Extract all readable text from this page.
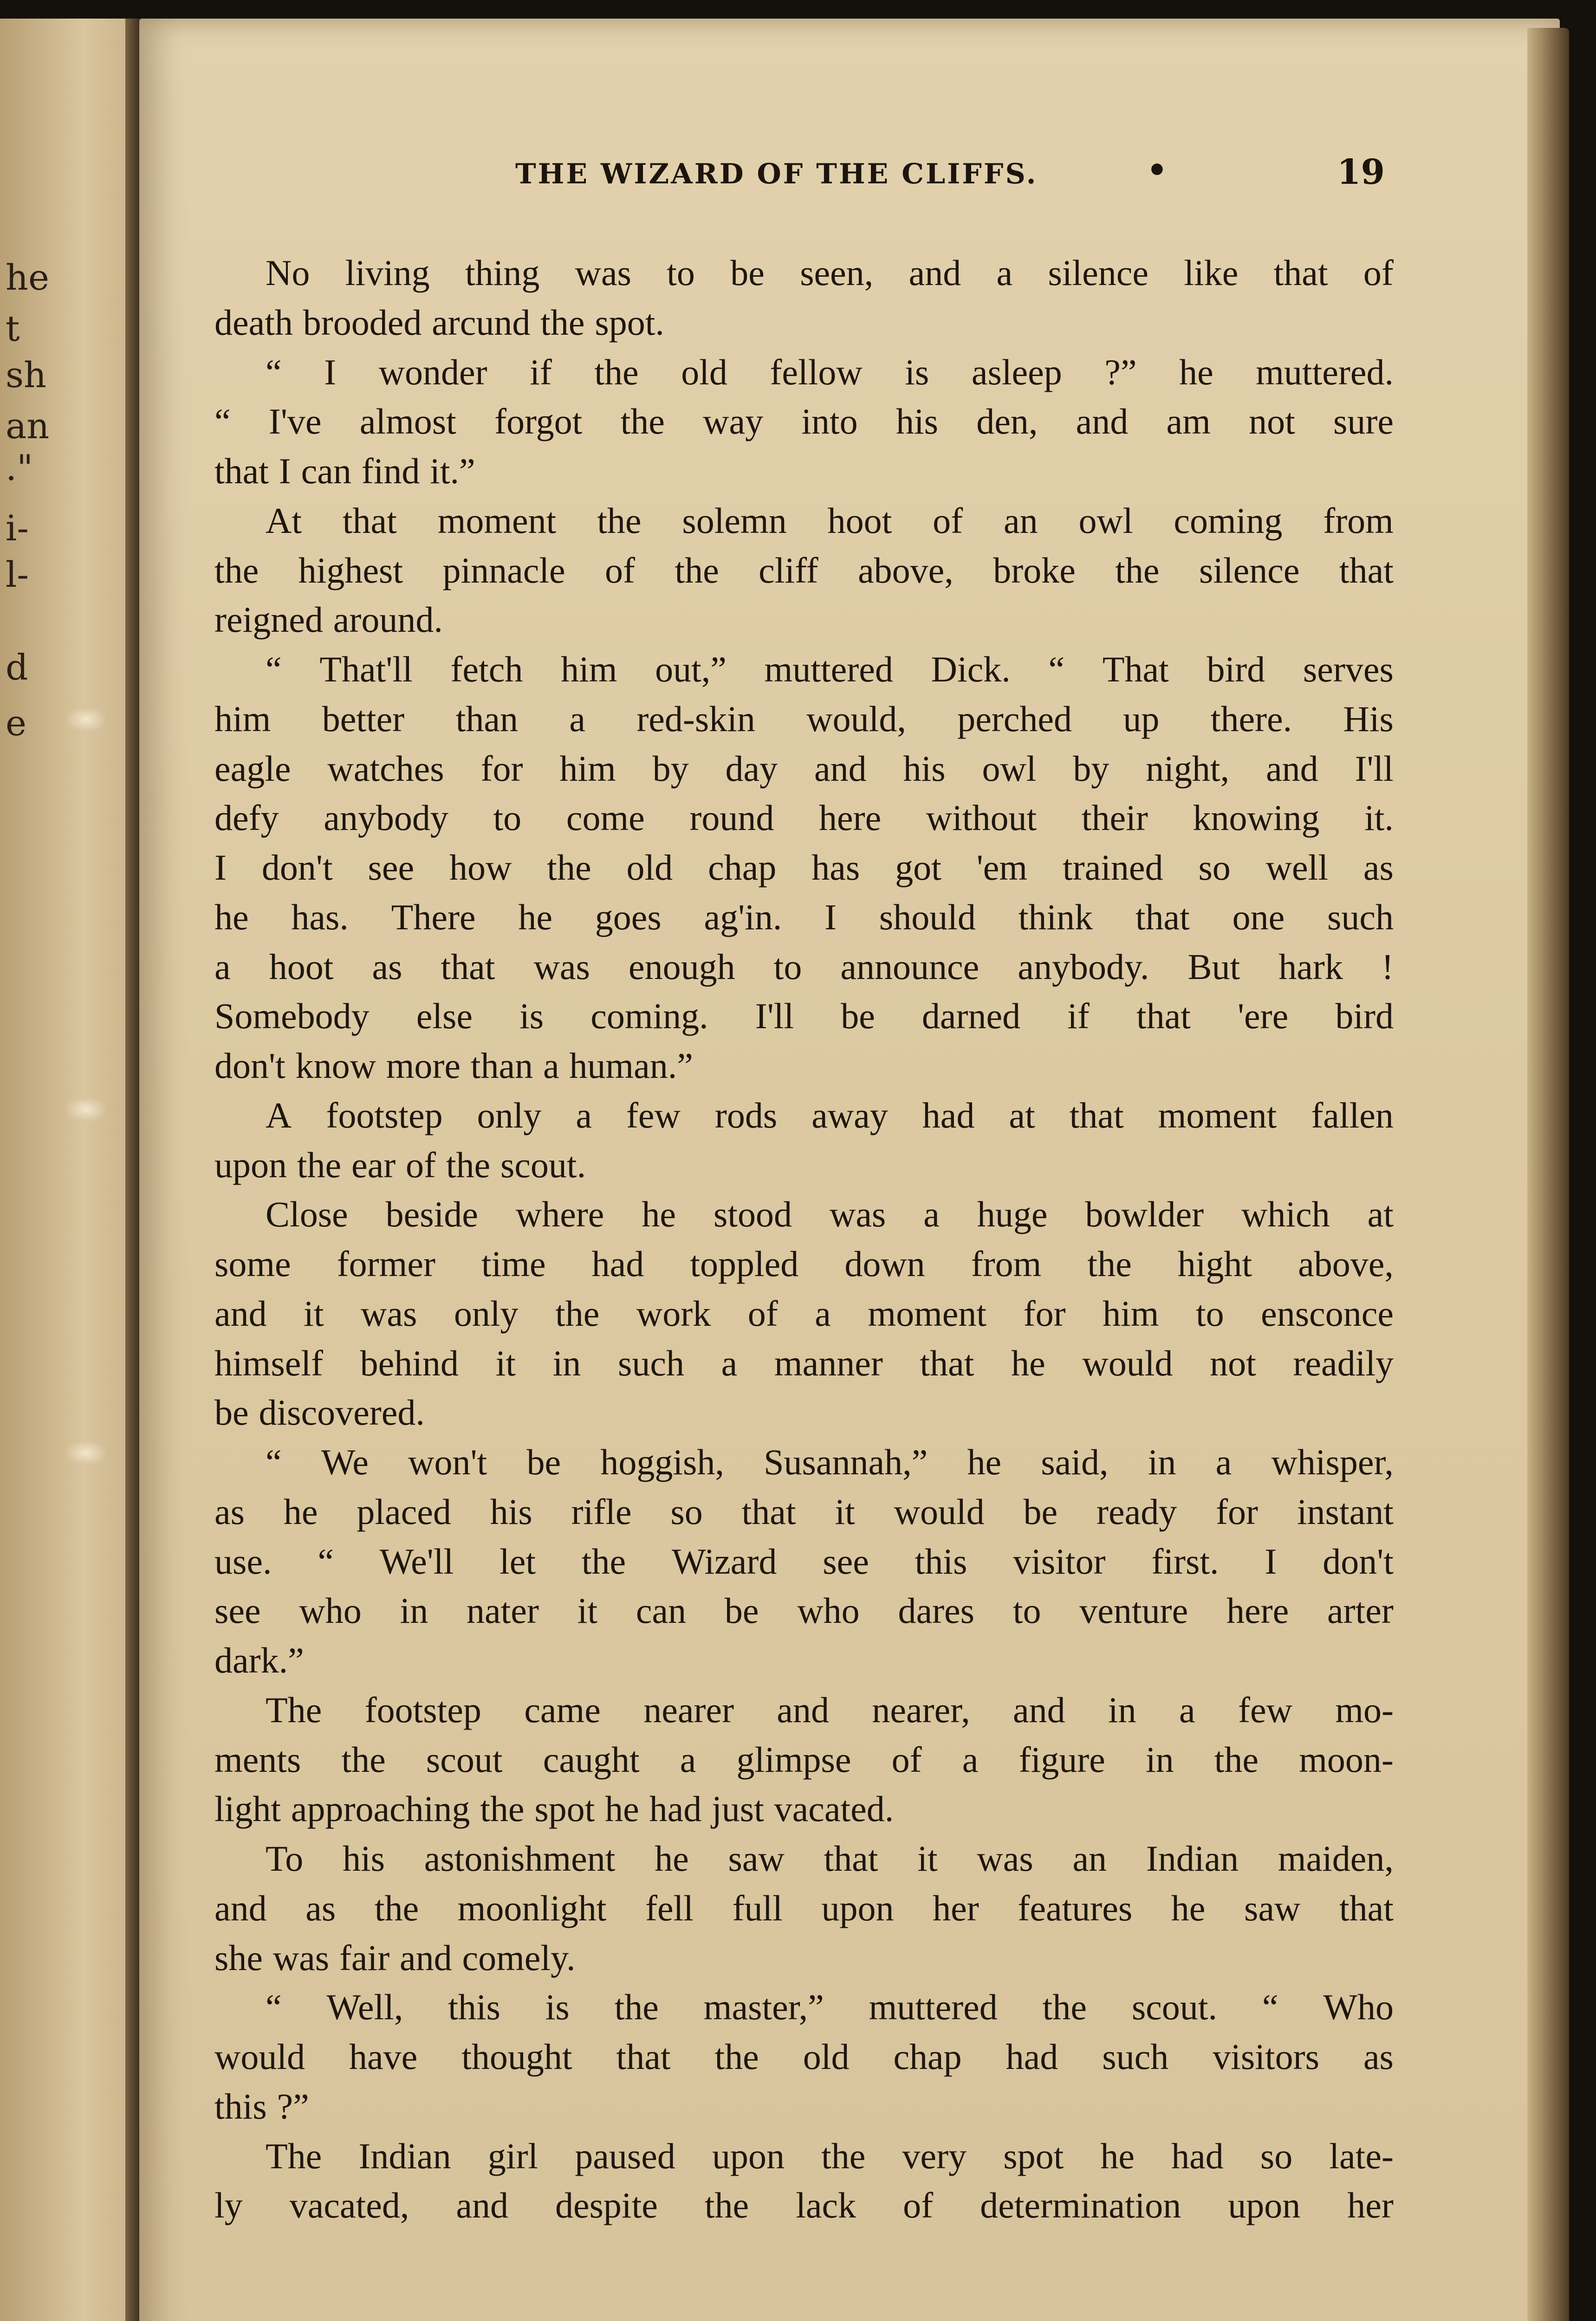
he
t
sh
an
."
i-
l-
d
e
THE WIZARD OF THE CLIFFS.	•	19
No living thing was to be seen, and a silence like that of
death brooded arcund the spot.
“ I wonder if the old fellow is asleep ?” he muttered.
“ I've almost forgot the way into his den, and am not sure
that I can find it.”
At that moment the solemn hoot of an owl coming from
the highest pinnacle of the cliff above, broke the silence that
reigned around.
“ That'll fetch him out,” muttered Dick. “ That bird serves
him better than a red-skin would, perched up there. His
eagle watches for him by day and his owl by night, and I'll
defy anybody to come round here without their knowing it.
I don't see how the old chap has got 'em trained so well as
he has. There he goes ag'in. I should think that one such
a hoot as that was enough to announce anybody. But hark !
Somebody else is coming. I'll be darned if that 'ere bird
don't know more than a human.”
A footstep only a few rods away had at that moment fallen
upon the ear of the scout.
Close beside where he stood was a huge bowlder which at
some former time had toppled down from the hight above,
and it was only the work of a moment for him to ensconce
himself behind it in such a manner that he would not readily
be discovered.
“ We won't be hoggish, Susannah,” he said, in a whisper,
as he placed his rifle so that it would be ready for instant
use. “ We'll let the Wizard see this visitor first. I don't
see who in nater it can be who dares to venture here arter
dark.”
The footstep came nearer and nearer, and in a few mo-
ments the scout caught a glimpse of a figure in the moon-
light approaching the spot he had just vacated.
To his astonishment he saw that it was an Indian maiden,
and as the moonlight fell full upon her features he saw that
she was fair and comely.
“ Well, this is the master,” muttered the scout. “ Who
would have thought that the old chap had such visitors as
this ?”
The Indian girl paused upon the very spot he had so late-
ly vacated, and despite the lack of determination upon her
